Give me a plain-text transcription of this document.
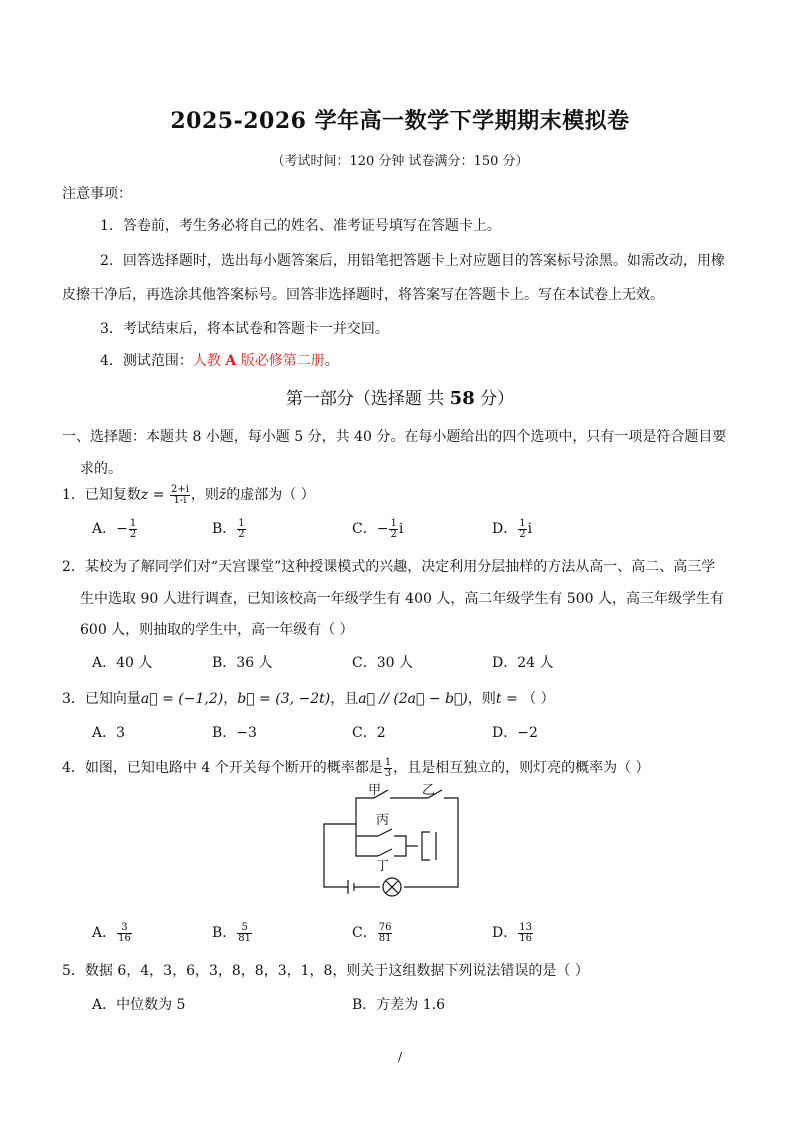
2025-2026 学年高一数学下学期期末模拟卷
（考试时间：120 分钟 试卷满分：150 分）
注意事项：
1．答卷前，考生务必将自己的姓名、准考证号填写在答题卡上。
2．回答选择题时，选出每小题答案后，用铅笔把答题卡上对应题目的答案标号涂黑。如需改动，用橡
皮擦干净后，再选涂其他答案标号。回答非选择题时，将答案写在答题卡上。写在本试卷上无效。
3．考试结束后，将本试卷和答题卡一并交回。
4．测试范围：人教 A 版必修第二册。
第一部分（选择题 共 58 分）
一、选择题：本题共 8 小题，每小题 5 分，共 40 分。在每小题给出的四个选项中，只有一项是符合题目要
求的。
1．已知复数$z = \frac{2+i}{1-i}$ ，则z̄的虚部为（ ）
A．− $\frac{1}{2}$	B． $\frac{1}{2}$	C．− $\frac{1}{2}$ i	D． $\frac{1}{2}$ i
2．某校为了解同学们对“天宫课堂”这种授课模式的兴趣，决定利用分层抽样的方法从高一、高二、高三学
生中选取 90 人进行调查，已知该校高一年级学生有 400 人，高二年级学生有 500 人，高三年级学生有
600 人，则抽取的学生中，高一年级有（ ）
A．40 人	B．36 人	C．30 人	D．24 人
3．已知向量a⃗ = (−1,2)，b⃗ = (3, −2t)，且a⃗ // (2a⃗ − b⃗)，则t = （ ）
A．3	B．−3	C．2	D．−2
4．如图，已知电路中 4 个开关每个断开的概率都是 $\frac{1}{3}$ ，且是相互独立的，则灯亮的概率为（ ）
甲	乙
丙
丁
A． $\frac{3}{16}$	B． $\frac{5}{81}$	C． $\frac{76}{81}$	D． $\frac{13}{16}$
5．数据 6，4，3，6，3，8，8，3，1，8，则关于这组数据下列说法错误的是（ ）
A．中位数为 5	B．方差为 1.6
/
